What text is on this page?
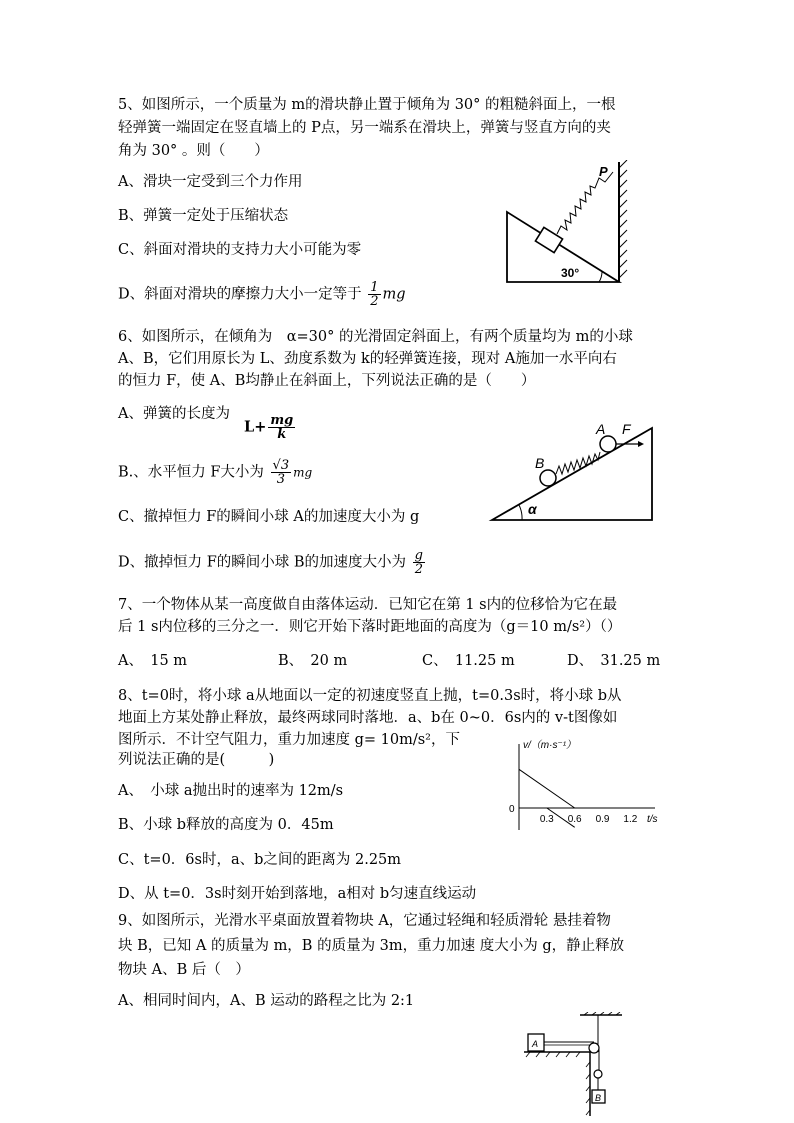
5、如图所示，一个质量为 m的滑块静止置于倾角为 30° 的粗糙斜面上，一根
轻弹簧一端固定在竖直墙上的 P点，另一端系在滑块上，弹簧与竖直方向的夹
角为 30° 。则（　　）
A、滑块一定受到三个力作用
B、弹簧一定处于压缩状态
C、斜面对滑块的支持力大小可能为零
D、斜面对滑块的摩擦力大小一定等于 $\frac{1}{2}$ mg
P
30°
6、如图所示，在倾角为　α=30° 的光滑固定斜面上，有两个质量均为 m的小球
A、B，它们用原长为 L、劲度系数为 k的轻弹簧连接，现对 A施加一水平向右
的恒力 F，使 A、B均静止在斜面上，下列说法正确的是（　　）
A、弹簧的长度为
$L+ \frac{mg}{k}$
B.、水平恒力 F大小为 $\frac{√3}{3}$ mg
C、撤掉恒力 F的瞬间小球 A的加速度大小为 g
D、撤掉恒力 F的瞬间小球 B的加速度大小为 $\frac{g}{2}$
α
B
A F
7、一个物体从某一高度做自由落体运动．已知它在第 1 s内的位移恰为它在最
后 1 s内位移的三分之一．则它开始下落时距地面的高度为（g＝10 m/s²）（）
A、　15 m	B、　20 m	C、　11.25 m	D、　31.25 m
8、t=0时，将小球 a从地面以一定的初速度竖直上抛，t=0.3s时，将小球 b从
地面上方某处静止释放，最终两球同时落地．a、b在 0~0．6s内的 v-t图像如
图所示．不计空气阻力，重力加速度 g= 10m/s²，下
列说法正确的是(　　　)
A、　小球 a抛出时的速率为 12m/s
B、小球 b释放的高度为 0．45m
C、t=0．6s时，a、b之间的距离为 2.25m
D、从 t=0．3s时刻开始到落地，a相对 b匀速直线运动
v/（m·s⁻¹）
t/s
0
0.3 0.6 0.9 1.2
9、如图所示，光滑水平桌面放置着物块 A，它通过轻绳和轻质滑轮 悬挂着物
块 B，已知 A 的质量为 m，B 的质量为 3m，重力加速 度大小为 g，静止释放
物块 A、B 后（　）
A、相同时间内，A、B 运动的路程之比为 2:1
A
B
